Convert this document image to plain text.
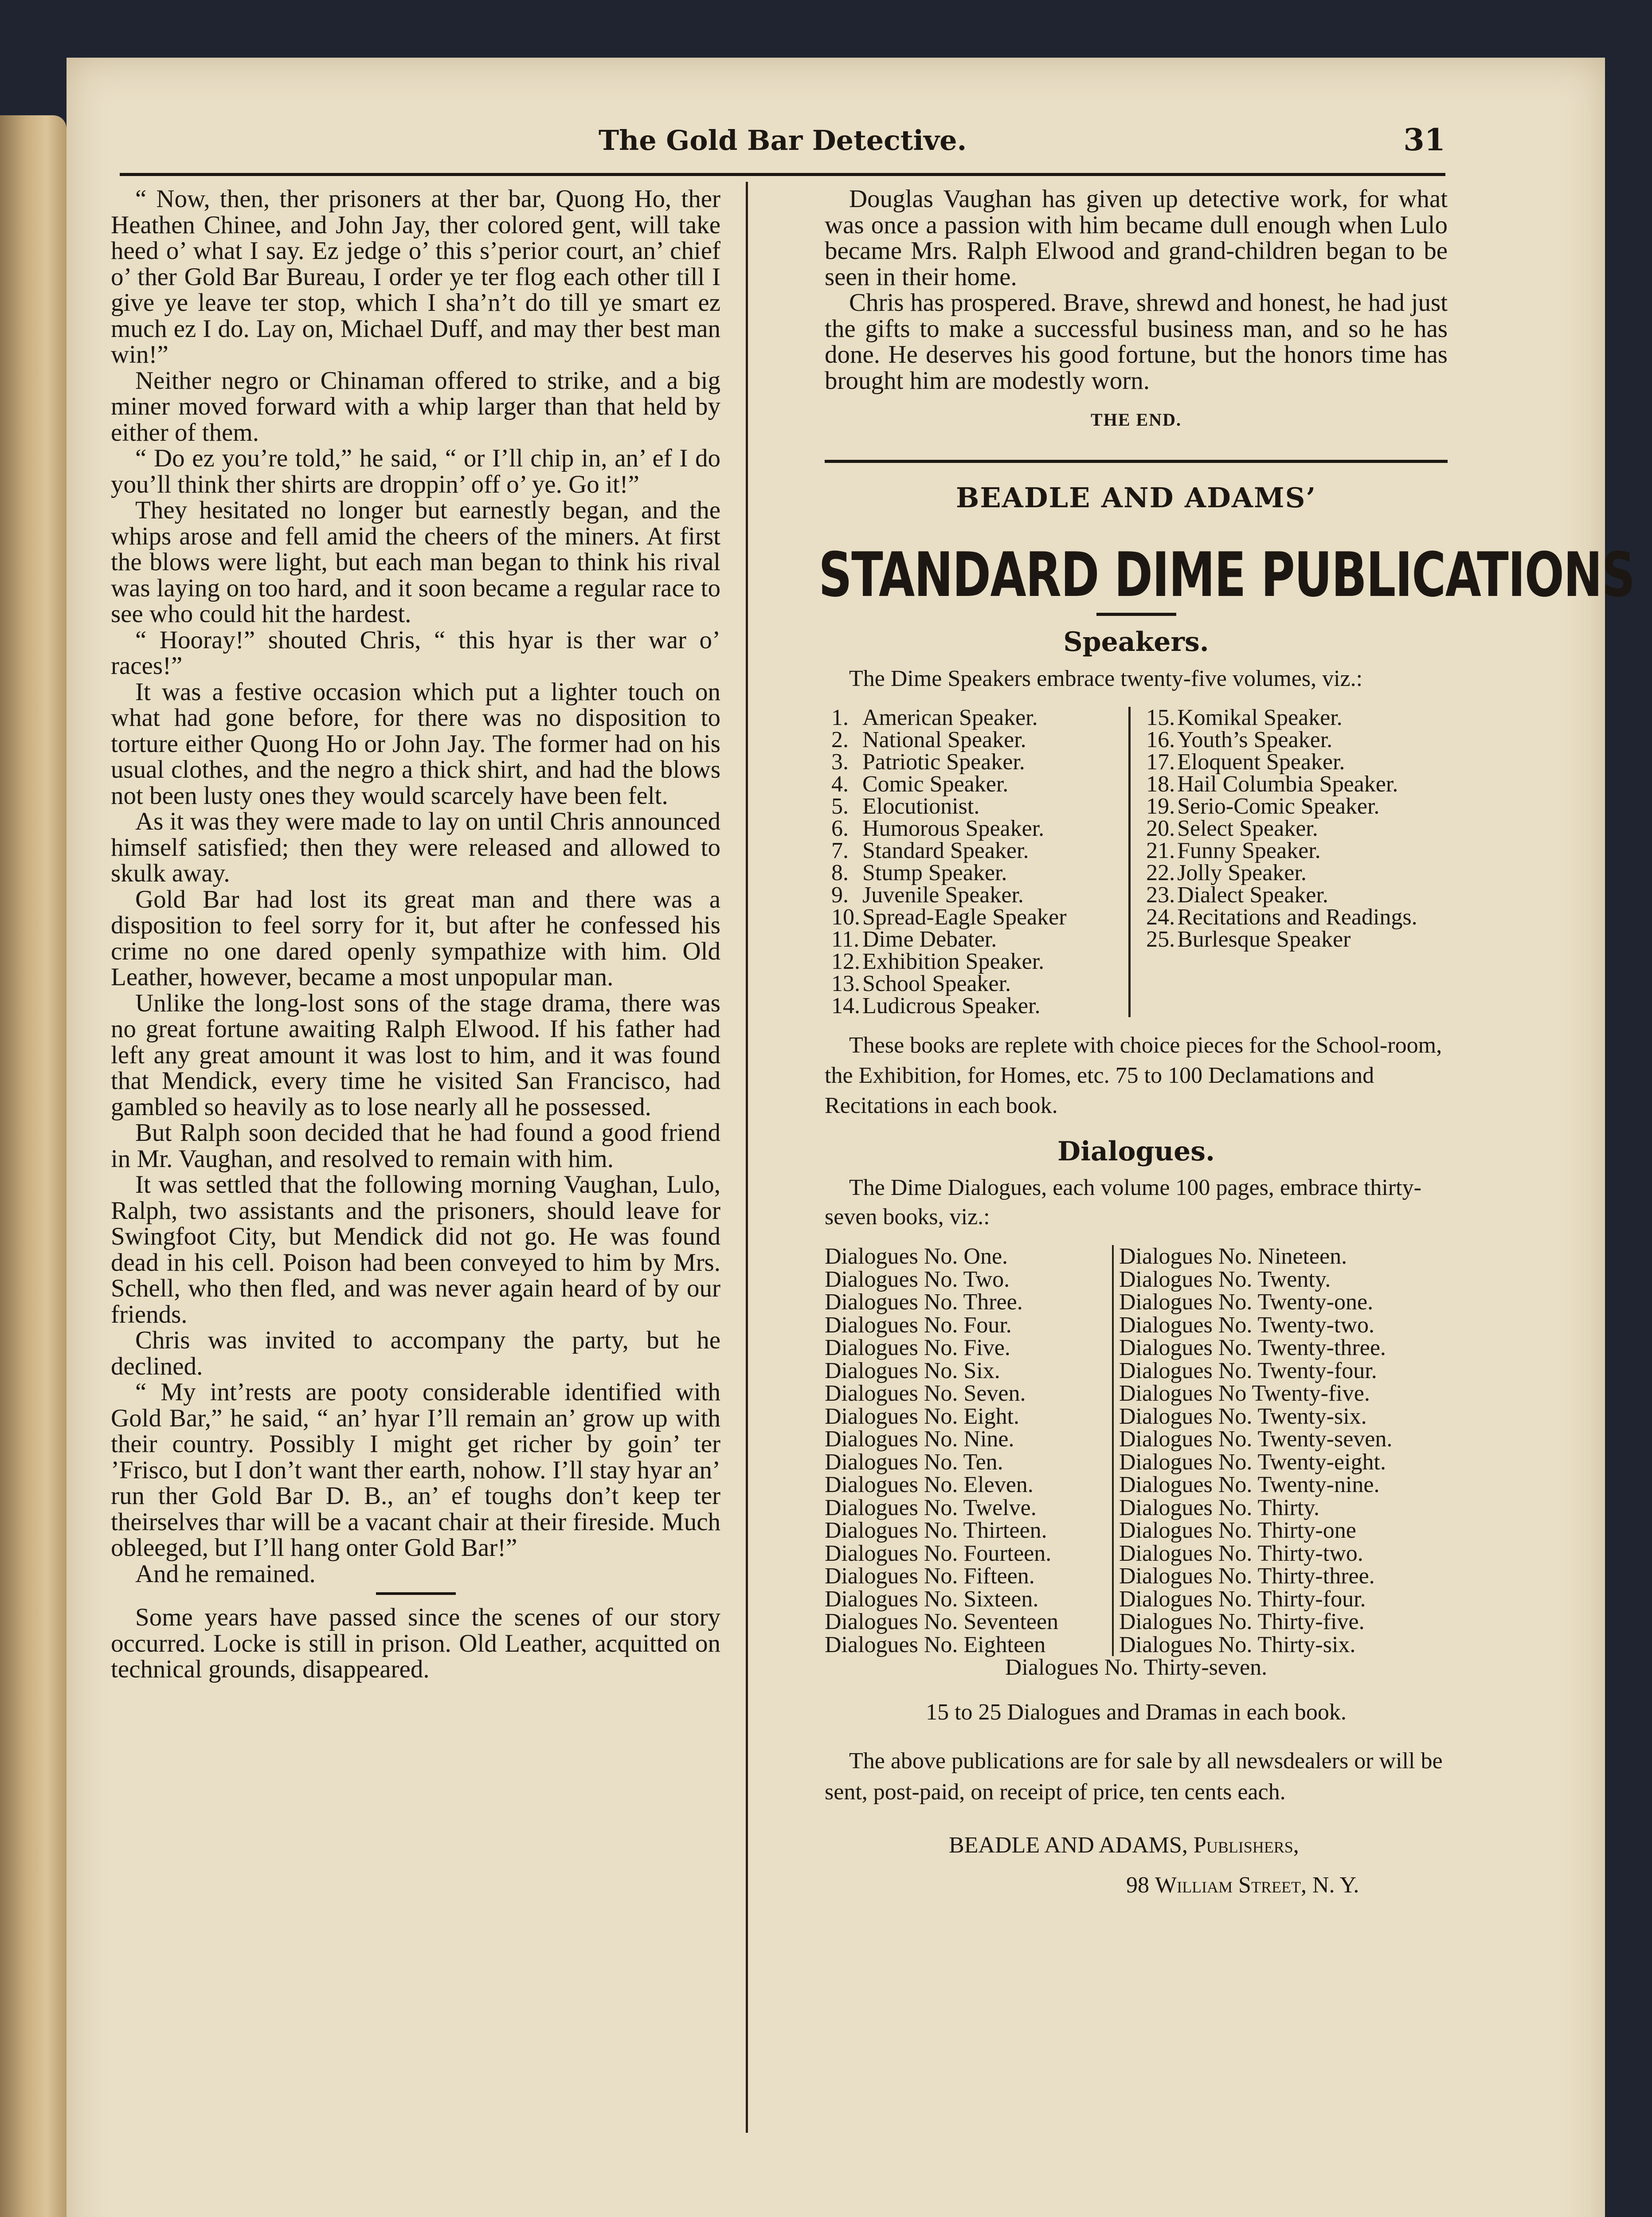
The Gold Bar Detective.	31

“ Now, then, ther prisoners at ther bar, Quong Ho, ther Heathen Chinee, and John Jay, ther colored gent, will take heed o’ what I say. Ez jedge o’ this s’perior court, an’ chief o’ ther Gold Bar Bureau, I order ye ter flog each other till I give ye leave ter stop, which I sha’n’t do till ye smart ez much ez I do. Lay on, Michael Duff, and may ther best man win!”

Neither negro or Chinaman offered to strike, and a big miner moved forward with a whip larger than that held by either of them.

“ Do ez you’re told,” he said, “ or I’ll chip in, an’ ef I do you’ll think ther shirts are droppin’ off o’ ye. Go it!”

They hesitated no longer but earnestly began, and the whips arose and fell amid the cheers of the miners. At first the blows were light, but each man began to think his rival was laying on too hard, and it soon became a regular race to see who could hit the hardest.

“ Hooray!” shouted Chris, “ this hyar is ther war o’ races!”

It was a festive occasion which put a lighter touch on what had gone before, for there was no disposition to torture either Quong Ho or John Jay. The former had on his usual clothes, and the negro a thick shirt, and had the blows not been lusty ones they would scarcely have been felt.

As it was they were made to lay on until Chris announced himself satisfied; then they were released and allowed to skulk away.

Gold Bar had lost its great man and there was a disposition to feel sorry for it, but after he confessed his crime no one dared openly sympathize with him. Old Leather, however, became a most unpopular man.

Unlike the long-lost sons of the stage drama, there was no great fortune awaiting Ralph Elwood. If his father had left any great amount it was lost to him, and it was found that Mendick, every time he visited San Francisco, had gambled so heavily as to lose nearly all he possessed.

But Ralph soon decided that he had found a good friend in Mr. Vaughan, and resolved to remain with him.

It was settled that the following morning Vaughan, Lulo, Ralph, two assistants and the prisoners, should leave for Swingfoot City, but Mendick did not go. He was found dead in his cell. Poison had been conveyed to him by Mrs. Schell, who then fled, and was never again heard of by our friends.

Chris was invited to accompany the party, but he declined.

“ My int’rests are pooty considerable identified with Gold Bar,” he said, “ an’ hyar I’ll remain an’ grow up with their country. Possibly I might get richer by goin’ ter ’Frisco, but I don’t want ther earth, nohow. I’ll stay hyar an’ run ther Gold Bar D. B., an’ ef toughs don’t keep ter theirselves thar will be a vacant chair at their fireside. Much obleeged, but I’ll hang onter Gold Bar!”

And he remained.

Some years have passed since the scenes of our story occurred. Locke is still in prison. Old Leather, acquitted on technical grounds, disappeared.

Douglas Vaughan has given up detective work, for what was once a passion with him became dull enough when Lulo became Mrs. Ralph Elwood and grand-children began to be seen in their home.

Chris has prospered. Brave, shrewd and honest, he had just the gifts to make a successful business man, and so he has done. He deserves his good fortune, but the honors time has brought him are modestly worn.

THE END.
BEADLE AND ADAMS’
STANDARD DIME PUBLICATIONS
Speakers.
The Dime Speakers embrace twenty-five volumes, viz.:
1. American Speaker.
2. National Speaker.
3. Patriotic Speaker.
4. Comic Speaker.
5. Elocutionist.
6. Humorous Speaker.
7. Standard Speaker.
8. Stump Speaker.
9. Juvenile Speaker.
10. Spread-Eagle Speaker
11. Dime Debater.
12. Exhibition Speaker.
13. School Speaker.
14. Ludicrous Speaker.
15. Komikal Speaker.
16. Youth’s Speaker.
17. Eloquent Speaker.
18. Hail Columbia Speaker.
19. Serio-Comic Speaker.
20. Select Speaker.
21. Funny Speaker.
22. Jolly Speaker.
23. Dialect Speaker.
24. Recitations and Readings.
25. Burlesque Speaker
These books are replete with choice pieces for the School-room, the Exhibition, for Homes, etc. 75 to 100 Declamations and Recitations in each book.
Dialogues.
The Dime Dialogues, each volume 100 pages, embrace thirty-seven books, viz.:
Dialogues No. One.
Dialogues No. Two.
Dialogues No. Three.
Dialogues No. Four.
Dialogues No. Five.
Dialogues No. Six.
Dialogues No. Seven.
Dialogues No. Eight.
Dialogues No. Nine.
Dialogues No. Ten.
Dialogues No. Eleven.
Dialogues No. Twelve.
Dialogues No. Thirteen.
Dialogues No. Fourteen.
Dialogues No. Fifteen.
Dialogues No. Sixteen.
Dialogues No. Seventeen
Dialogues No. Eighteen
Dialogues No. Nineteen.
Dialogues No. Twenty.
Dialogues No. Twenty-one.
Dialogues No. Twenty-two.
Dialogues No. Twenty-three.
Dialogues No. Twenty-four.
Dialogues No Twenty-five.
Dialogues No. Twenty-six.
Dialogues No. Twenty-seven.
Dialogues No. Twenty-eight.
Dialogues No. Twenty-nine.
Dialogues No. Thirty.
Dialogues No. Thirty-one
Dialogues No. Thirty-two.
Dialogues No. Thirty-three.
Dialogues No. Thirty-four.
Dialogues No. Thirty-five.
Dialogues No. Thirty-six.
Dialogues No. Thirty-seven.
15 to 25 Dialogues and Dramas in each book.
The above publications are for sale by all newsdealers or will be sent, post-paid, on receipt of price, ten cents each.
BEADLE AND ADAMS, Publishers,
98 William Street, N. Y.
